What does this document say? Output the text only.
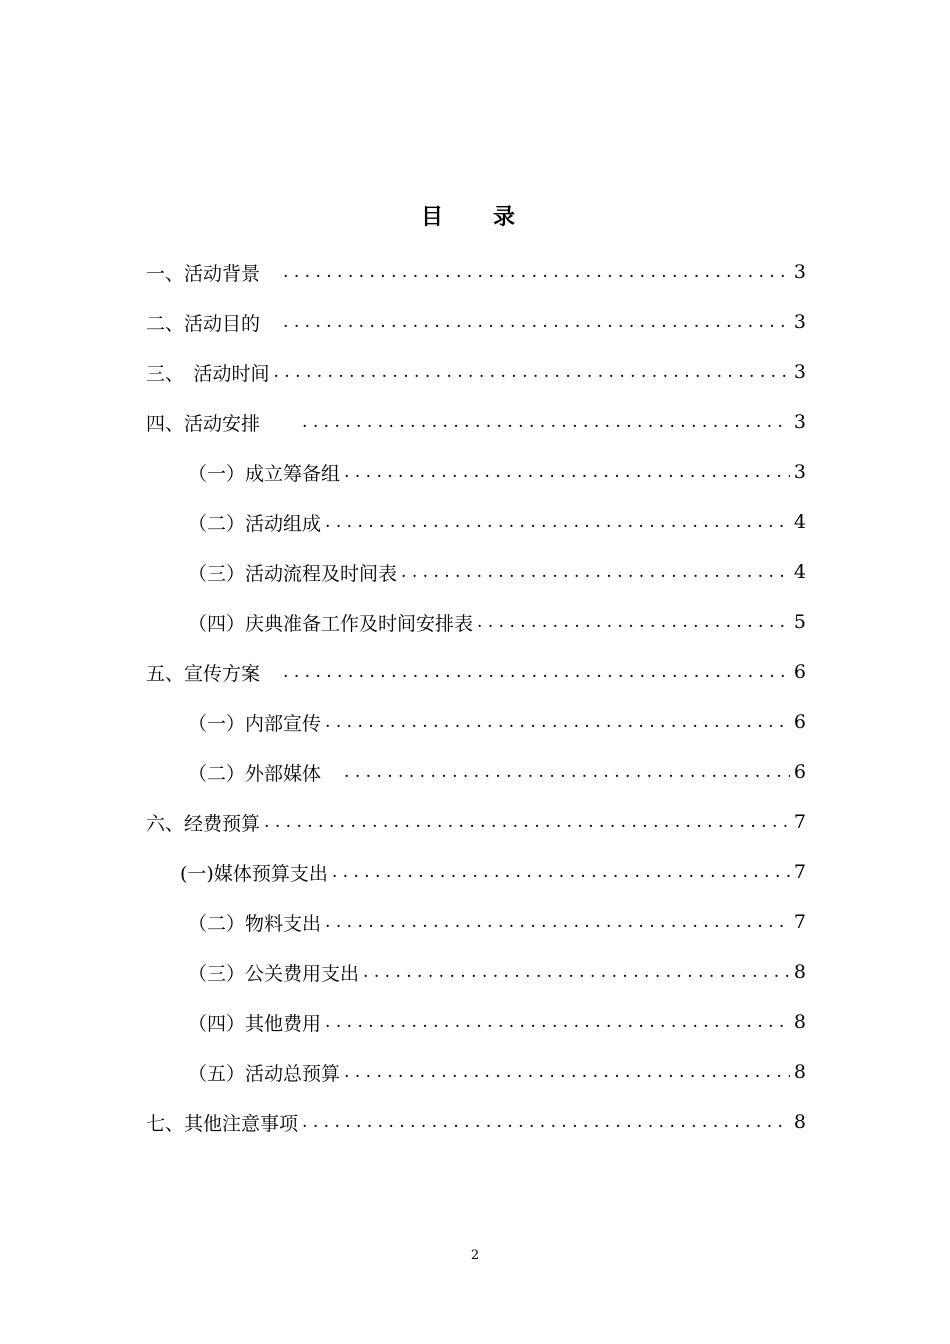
目　录
一、活动背景　 . . .	3
二、活动目的　 . . .	3
三、　活动时间 . . .	3
四、活动安排　　 . . .	3
（一）成立筹备组 . . .	3
（二）活动组成 . . .	4
（三）活动流程及时间表 . . .	4
（四）庆典准备工作及时间安排表 . . .	5
五、宣传方案　 . . .	6
（一）内部宣传 . . .	6
（二）外部媒体　 . . .	6
六、经费预算 . . .	7
(一)媒体预算支出 . . .	7
（二）物料支出 . . .	7
（三）公关费用支出 . . .	8
（四）其他费用 . . .	8
（五）活动总预算 . . .	8
七、其他注意事项 . . .	8
2
